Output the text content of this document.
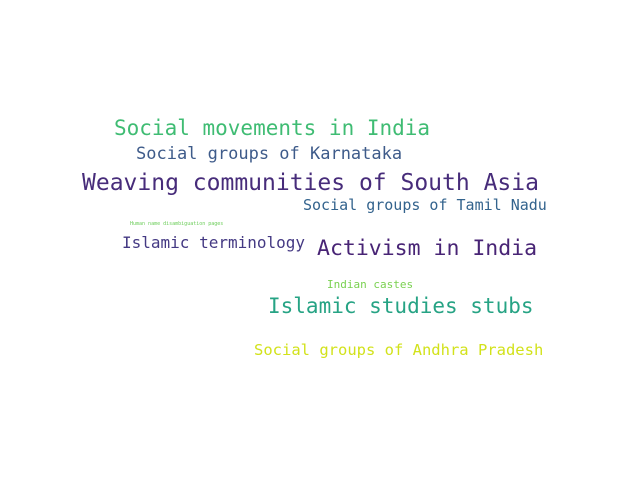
Social movements in India
Social groups of Karnataka
Weaving communities of South Asia
Social groups of Tamil Nadu
Human name disambiguation pages
Islamic terminology Activism in India
Indian castes
Islamic studies stubs
Social groups of Andhra Pradesh
